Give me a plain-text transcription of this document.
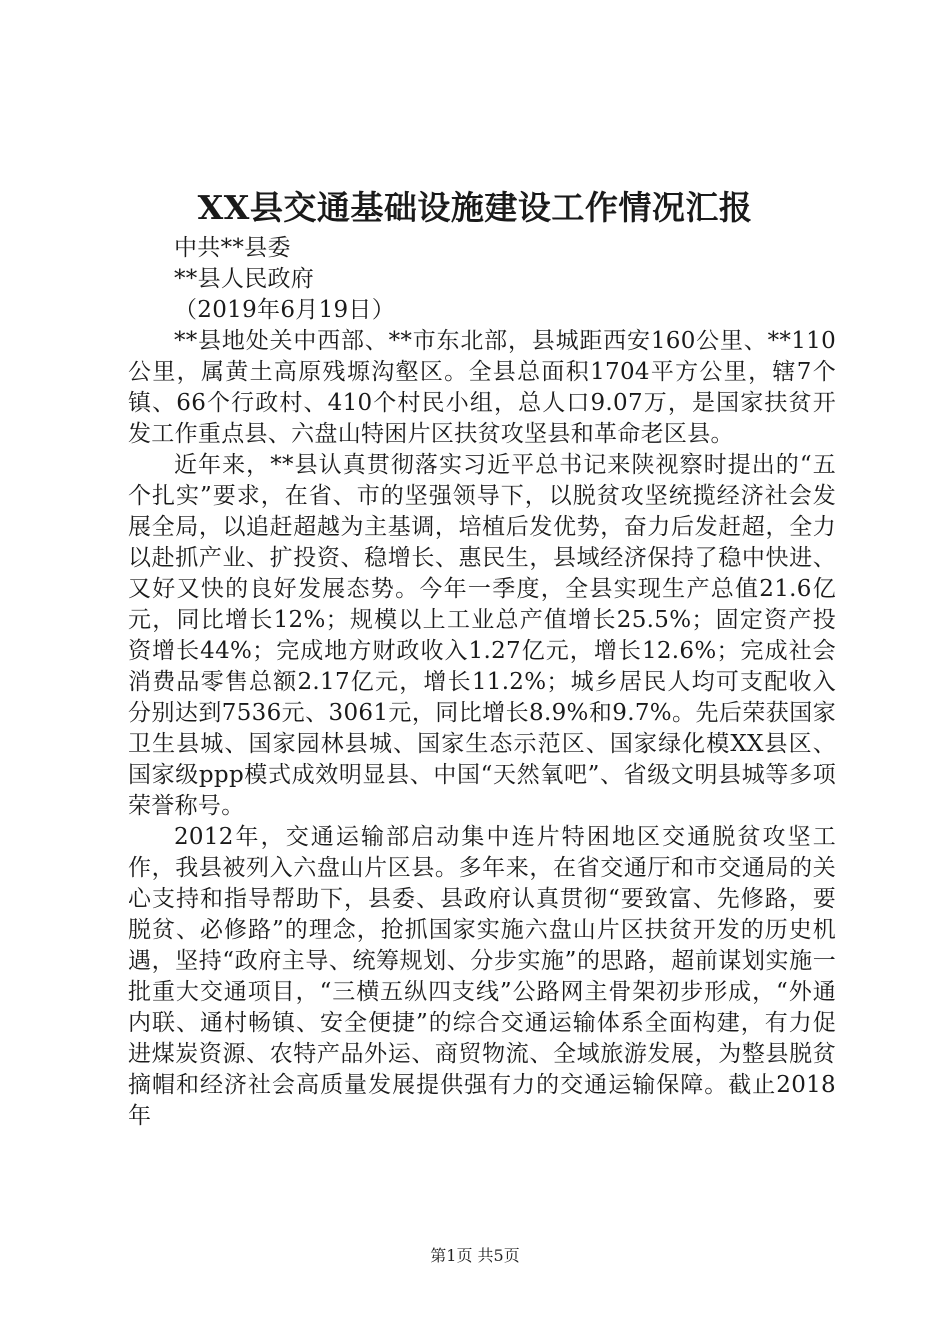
XX县交通基础设施建设工作情况汇报

中共**县委

**县人民政府

（2019年6月19日）

**县地处关中西部、**市东北部，县城距西安160公里、**110公里，属黄土高原残塬沟壑区。全县总面积1704平方公里，辖7个镇、66个行政村、410个村民小组，总人口9.07万，是国家扶贫开发工作重点县、六盘山特困片区扶贫攻坚县和革命老区县。

近年来，**县认真贯彻落实习近平总书记来陕视察时提出的“五个扎实”要求，在省、市的坚强领导下，以脱贫攻坚统揽经济社会发展全局，以追赶超越为主基调，培植后发优势，奋力后发赶超，全力以赴抓产业、扩投资、稳增长、惠民生，县域经济保持了稳中快进、又好又快的良好发展态势。今年一季度，全县实现生产总值21.6亿元，同比增长12%；规模以上工业总产值增长25.5%；固定资产投资增长44%；完成地方财政收入1.27亿元，增长12.6%；完成社会消费品零售总额2.17亿元，增长11.2%；城乡居民人均可支配收入分别达到7536元、3061元，同比增长8.9%和9.7%。先后荣获国家卫生县城、国家园林县城、国家生态示范区、国家绿化模XX县区、国家级ppp模式成效明显县、中国“天然氧吧”、省级文明县城等多项荣誉称号。

2012年，交通运输部启动集中连片特困地区交通脱贫攻坚工作，我县被列入六盘山片区县。多年来，在省交通厅和市交通局的关心支持和指导帮助下，县委、县政府认真贯彻“要致富、先修路，要脱贫、必修路”的理念，抢抓国家实施六盘山片区扶贫开发的历史机遇，坚持“政府主导、统筹规划、分步实施”的思路，超前谋划实施一批重大交通项目，“三横五纵四支线”公路网主骨架初步形成，“外通内联、通村畅镇、安全便捷”的综合交通运输体系全面构建，有力促进煤炭资源、农特产品外运、商贸物流、全域旅游发展，为整县脱贫摘帽和经济社会高质量发展提供强有力的交通运输保障。截止2018年

第1页 共5页
